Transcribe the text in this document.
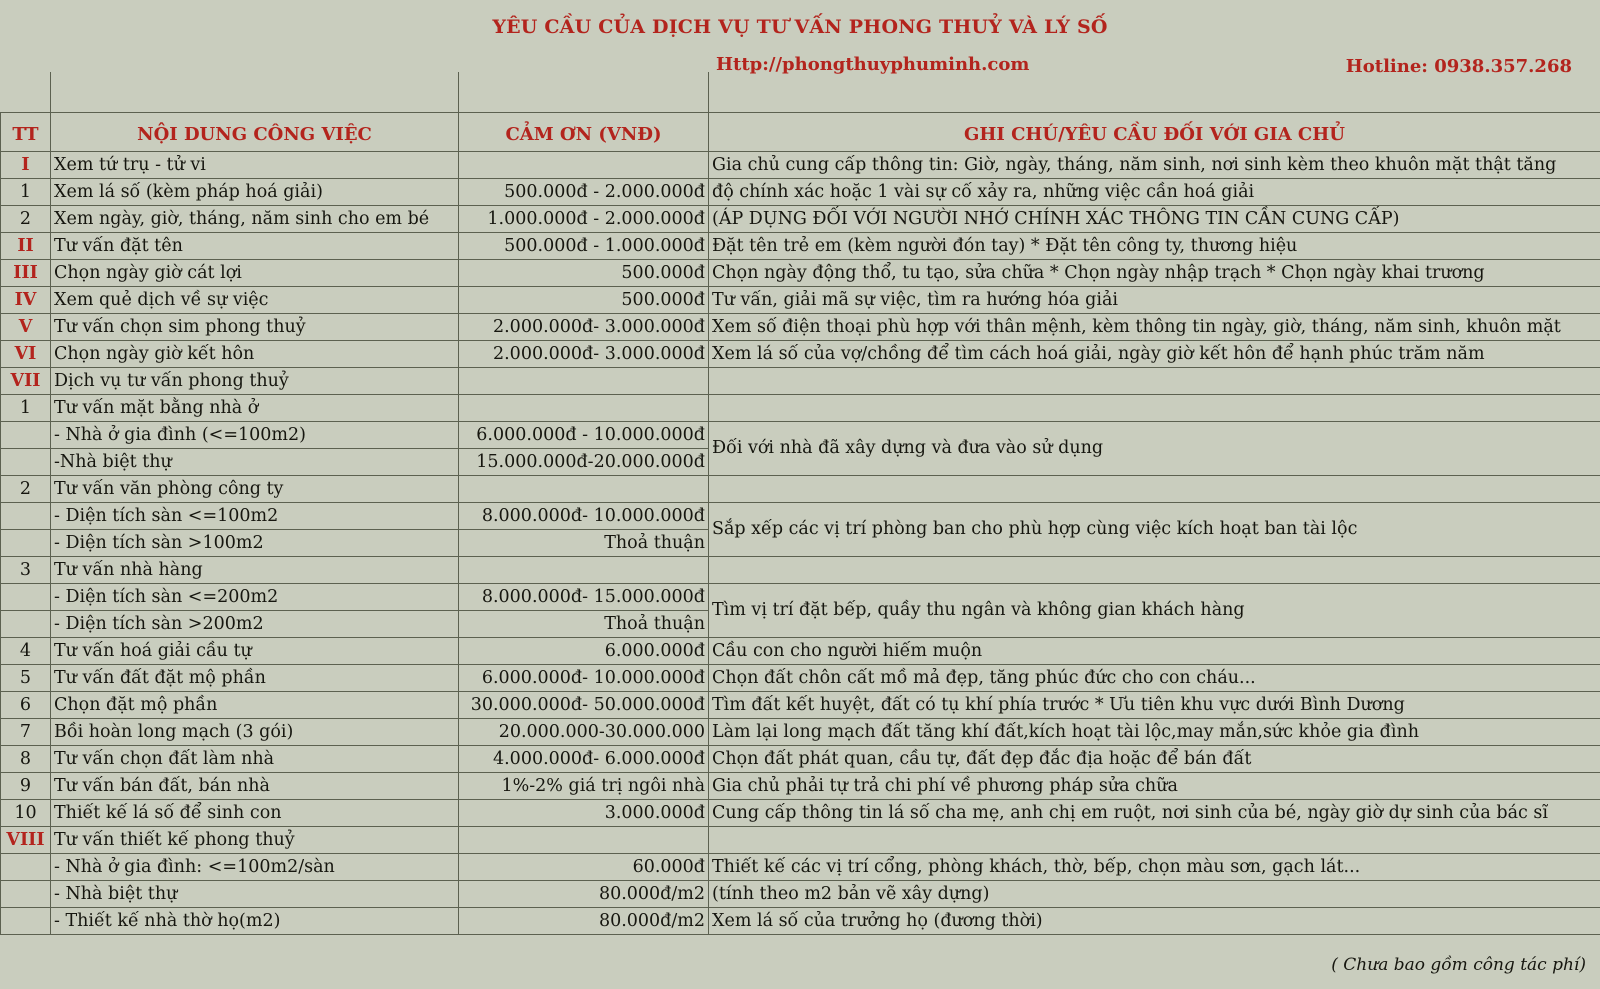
YÊU CẦU CỦA DỊCH VỤ TƯ VẤN PHONG THUỶ VÀ LÝ SỐ
Http://phongthuyphuminh.com	Hotline: 0938.357.268
TT	NỘI DUNG CÔNG VIỆC	CẢM ƠN (VNĐ)	GHI CHÚ/YÊU CẦU ĐỐI VỚI GIA CHỦ
I	Xem tứ trụ - tử vi		Gia chủ cung cấp thông tin: Giờ, ngày, tháng, năm sinh, nơi sinh kèm theo khuôn mặt thật tăng
1	Xem lá số (kèm pháp hoá giải)	500.000đ - 2.000.000đ	độ chính xác hoặc 1 vài sự cố xảy ra, những việc cần hoá giải
2	Xem ngày, giờ, tháng, năm sinh cho em bé	1.000.000đ - 2.000.000đ	(ÁP DỤNG ĐỐI VỚI NGƯỜI NHỚ CHÍNH XÁC THÔNG TIN CẦN CUNG CẤP)
II	Tư vấn đặt tên	500.000đ - 1.000.000đ	Đặt tên trẻ em (kèm người đón tay) * Đặt tên công ty, thương hiệu
III	Chọn ngày giờ cát lợi	500.000đ	Chọn ngày động thổ, tu tạo, sửa chữa * Chọn ngày nhập trạch * Chọn ngày khai trương
IV	Xem quẻ dịch về sự việc	500.000đ	Tư vấn, giải mã sự việc, tìm ra hướng hóa giải
V	Tư vấn chọn sim phong thuỷ	2.000.000đ- 3.000.000đ	Xem số điện thoại phù hợp với thân mệnh, kèm thông tin ngày, giờ, tháng, năm sinh, khuôn mặt
VI	Chọn ngày giờ kết hôn	2.000.000đ- 3.000.000đ	Xem lá số của vợ/chồng để tìm cách hoá giải, ngày giờ kết hôn để hạnh phúc trăm năm
VII	Dịch vụ tư vấn phong thuỷ		
1	Tư vấn mặt bằng nhà ở		
	- Nhà ở gia đình (<=100m2)	6.000.000đ - 10.000.000đ	Đối với nhà đã xây dựng và đưa vào sử dụng
	-Nhà biệt thự	15.000.000đ-20.000.000đ	
2	Tư vấn văn phòng công ty		
	- Diện tích sàn <=100m2	8.000.000đ- 10.000.000đ	Sắp xếp các vị trí phòng ban cho phù hợp cùng việc kích hoạt ban tài lộc
	- Diện tích sàn >100m2	Thoả thuận	
3	Tư vấn nhà hàng		
	- Diện tích sàn <=200m2	8.000.000đ- 15.000.000đ	Tìm vị trí đặt bếp, quầy thu ngân và không gian khách hàng
	- Diện tích sàn >200m2	Thoả thuận	
4	Tư vấn hoá giải cầu tự	6.000.000đ	Cầu con cho người hiếm muộn
5	Tư vấn đất đặt mộ phần	6.000.000đ- 10.000.000đ	Chọn đất chôn cất mồ mả đẹp, tăng phúc đức cho con cháu...
6	Chọn đặt mộ phần	30.000.000đ- 50.000.000đ	Tìm đất kết huyệt, đất có tụ khí phía trước * Ưu tiên khu vực dưới Bình Dương
7	Bồi hoàn long mạch (3 gói)	20.000.000-30.000.000	Làm lại long mạch đất tăng khí đất,kích hoạt tài lộc,may mắn,sức khỏe gia đình
8	Tư vấn chọn đất làm nhà	4.000.000đ- 6.000.000đ	Chọn đất phát quan, cầu tự, đất đẹp đắc địa hoặc để bán đất
9	Tư vấn bán đất, bán nhà	1%-2% giá trị ngôi nhà	Gia chủ phải tự trả chi phí về phương pháp sửa chữa
10	Thiết kế lá số để sinh con	3.000.000đ	Cung cấp thông tin lá số cha mẹ, anh chị em ruột, nơi sinh của bé, ngày giờ dự sinh của bác sĩ
VIII	Tư vấn thiết kế phong thuỷ		
	- Nhà ở gia đình: <=100m2/sàn	60.000đ	Thiết kế các vị trí cổng, phòng khách, thờ, bếp, chọn màu sơn, gạch lát...
	- Nhà biệt thự	80.000đ/m2	(tính theo m2 bản vẽ xây dựng)
	- Thiết kế nhà thờ họ(m2)	80.000đ/m2	Xem lá số của trưởng họ (đương thời)
( Chưa bao gồm công tác phí)
